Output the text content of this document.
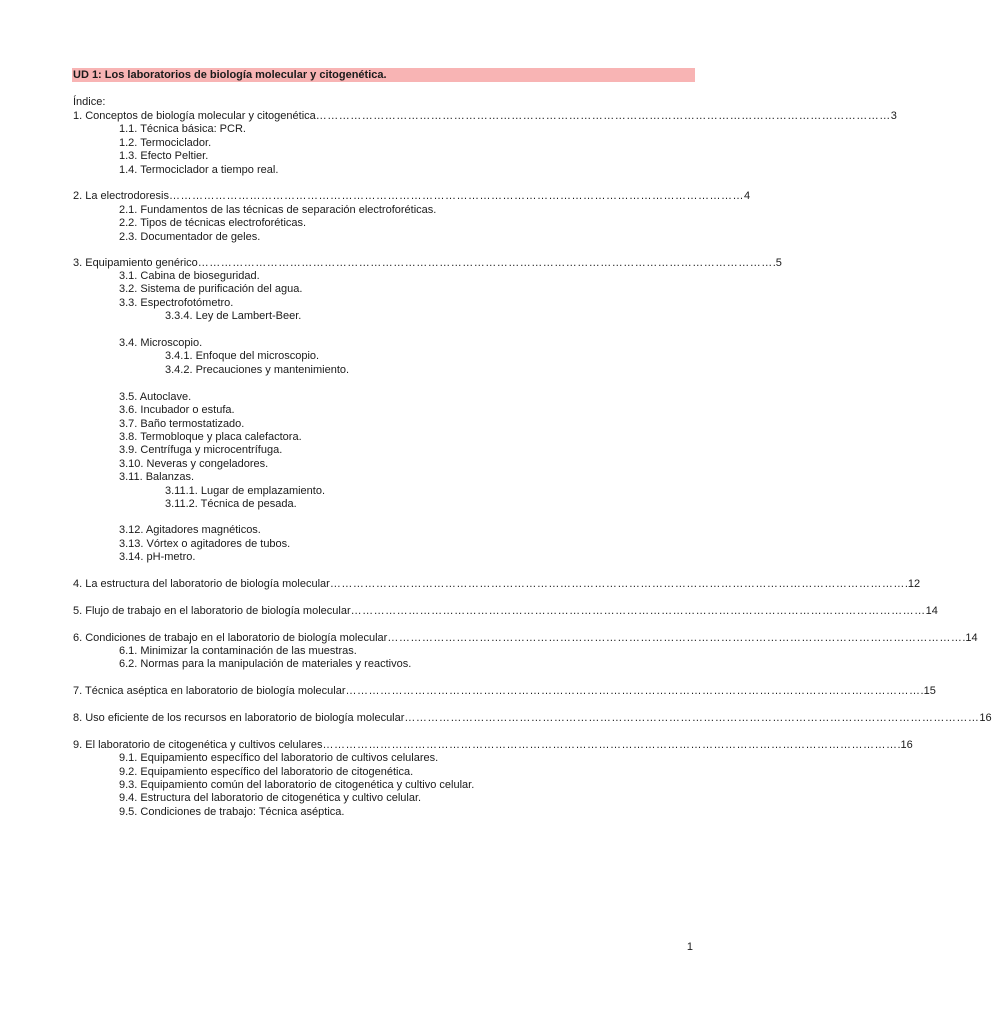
UD 1: Los laboratorios de biología molecular y citogenética.
Índice:
1. Conceptos de biología molecular y citogenética …………………………………………………………………………………………………………………………………… 3
1.1. Técnica básica: PCR.
1.2. Termociclador.
1.3. Efecto Peltier.
1.4. Termociclador a tiempo real.
2. La electrodoresis …………………………………………………………………………………………………………………………………… 4
2.1. Fundamentos de las técnicas de separación electroforéticas.
2.2. Tipos de técnicas electroforéticas.
2.3. Documentador de geles.
3. Equipamiento genérico …………………………………………………………………………………………………………………………………… .5
3.1. Cabina de bioseguridad.
3.2. Sistema de purificación del agua.
3.3. Espectrofotómetro.
3.3.4. Ley de Lambert-Beer.
3.4. Microscopio.
3.4.1. Enfoque del microscopio.
3.4.2. Precauciones y mantenimiento.
3.5. Autoclave.
3.6. Incubador o estufa.
3.7. Baño termostatizado.
3.8. Termobloque y placa calefactora.
3.9. Centrífuga y microcentrífuga.
3.10. Neveras y congeladores.
3.11. Balanzas.
3.11.1. Lugar de emplazamiento.
3.11.2. Técnica de pesada.
3.12. Agitadores magnéticos.
3.13. Vórtex o agitadores de tubos.
3.14. pH-metro.
4. La estructura del laboratorio de biología molecular …………………………………………………………………………………………………………………………………… .12
5. Flujo de trabajo en el laboratorio de biología molecular …………………………………………………………………………………………………………………………………… 14
6. Condiciones de trabajo en el laboratorio de biología molecular …………………………………………………………………………………………………………………………………… .14
6.1. Minimizar la contaminación de las muestras.
6.2. Normas para la manipulación de materiales y reactivos.
7. Técnica aséptica en laboratorio de biología molecular …………………………………………………………………………………………………………………………………… .15
8. Uso eficiente de los recursos en laboratorio de biología molecular …………………………………………………………………………………………………………………………………… 16
9. El laboratorio de citogenética y cultivos celulares …………………………………………………………………………………………………………………………………… .16
9.1. Equipamiento específico del laboratorio de cultivos celulares.
9.2. Equipamiento específico del laboratorio de citogenética.
9.3. Equipamiento común del laboratorio de citogenética y cultivo celular.
9.4. Estructura del laboratorio de citogenética y cultivo celular.
9.5. Condiciones de trabajo: Técnica aséptica.
1
